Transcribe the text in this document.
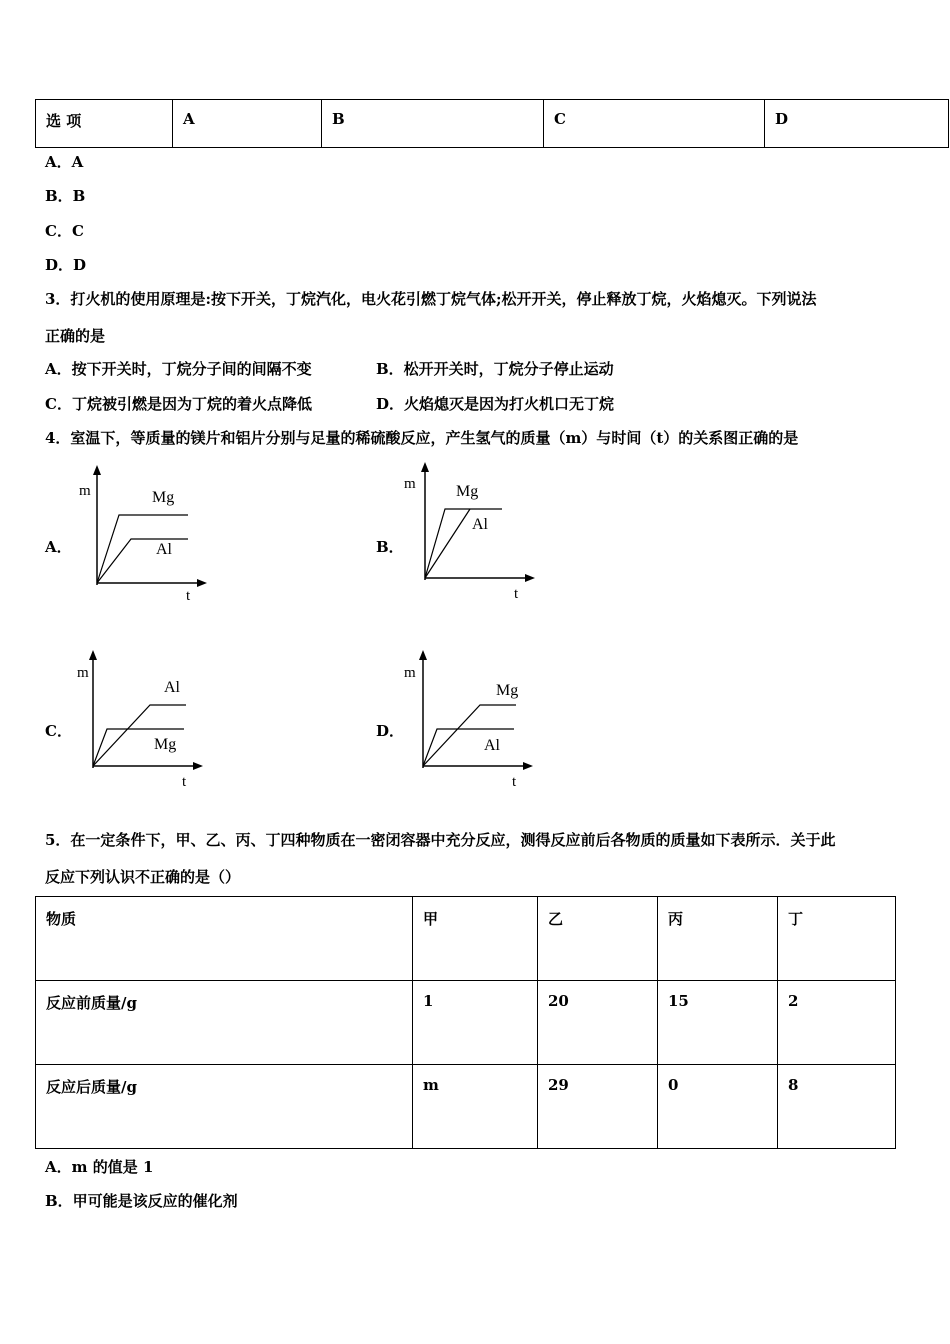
选 项	A	B	C	D
A．A
B．B
C．C
D．D
3．打火机的使用原理是:按下开关，丁烷汽化，电火花引燃丁烷气体;松开开关，停止释放丁烷，火焰熄灭。下列说法
正确的是
A．按下开关时，丁烷分子间的间隔不变	B．松开开关时，丁烷分子停止运动
C．丁烷被引燃是因为丁烷的着火点降低	D．火焰熄灭是因为打火机口无丁烷
4．室温下，等质量的镁片和铝片分别与足量的稀硫酸反应，产生氢气的质量（m）与时间（t）的关系图正确的是
A．	B．
C．	D．
m
t
Mg
Al
m
t
Mg
Al
m
t
Al
Mg
m
t
Mg
Al
5．在一定条件下，甲、乙、丙、丁四种物质在一密闭容器中充分反应，测得反应前后各物质的质量如下表所示．关于此
反应下列认识不正确的是（）
物质	甲	乙	丙	丁

反应前质量/g	1	20	15	2

反应后质量/g	m	29	0	8
A．m 的值是 1
B．甲可能是该反应的催化剂
